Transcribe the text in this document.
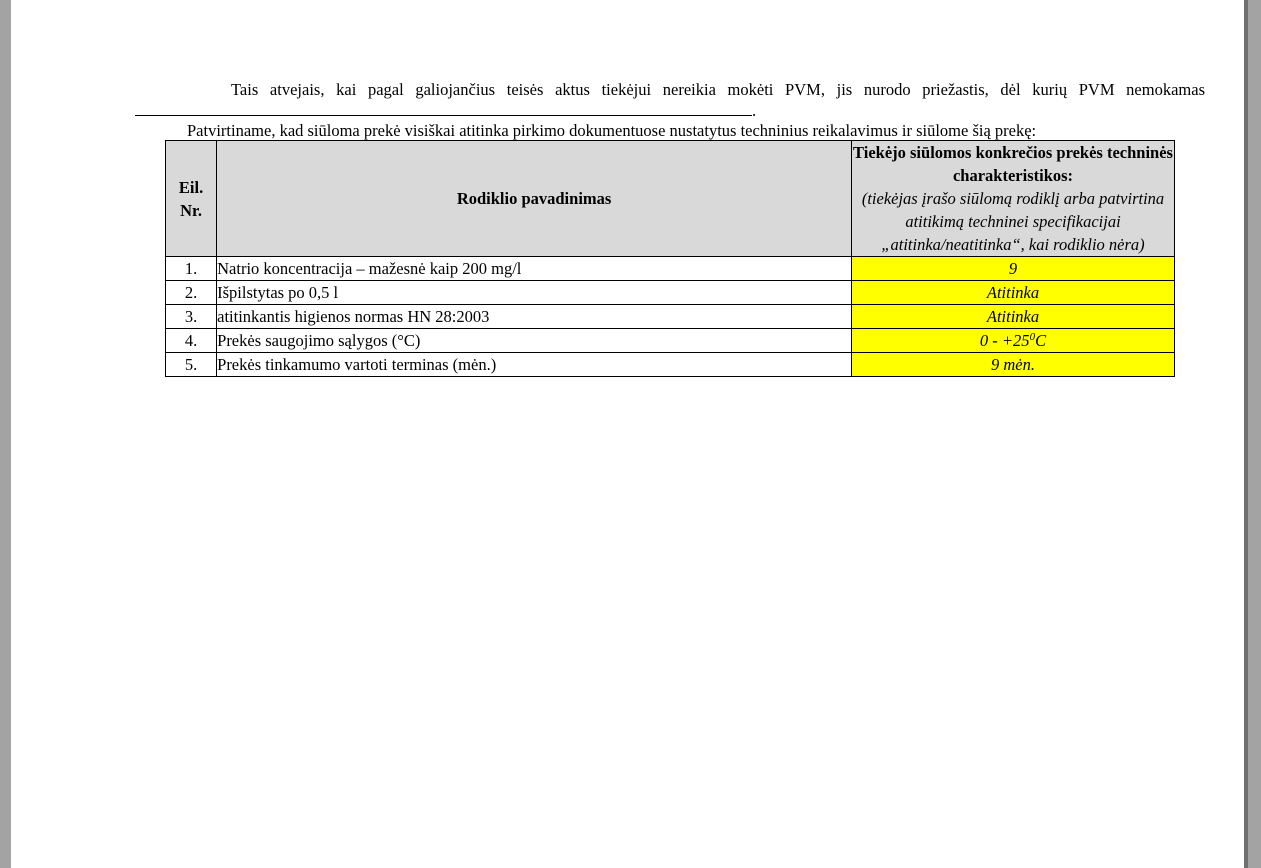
Tais atvejais, kai pagal galiojančius teisės aktus tiekėjui nereikia mokėti PVM, jis nurodo priežastis, dėl kurių PVM nemokamas.
Patvirtiname, kad siūloma prekė visiškai atitinka pirkimo dokumentuose nustatytus techninius reikalavimus ir siūlome šią prekę:
Eil.
Nr.	Rodiklio pavadinimas	Tiekėjo siūlomos konkrečios prekės techninės charakteristikos:
(tiekėjas įrašo siūlomą rodiklį arba patvirtina atitikimą techninei specifikacijai „atitinka/neatitinka“, kai rodiklio nėra)
1.	Natrio koncentracija – mažesnė kaip 200 mg/l	9
2.	Išpilstytas po 0,5 l	Atitinka
3.	atitinkantis higienos normas HN 28:2003	Atitinka
4.	Prekės saugojimo sąlygos (°C)	$0 - +25^0C$
5.	Prekės tinkamumo vartoti terminas (mėn.)	9 mėn.
